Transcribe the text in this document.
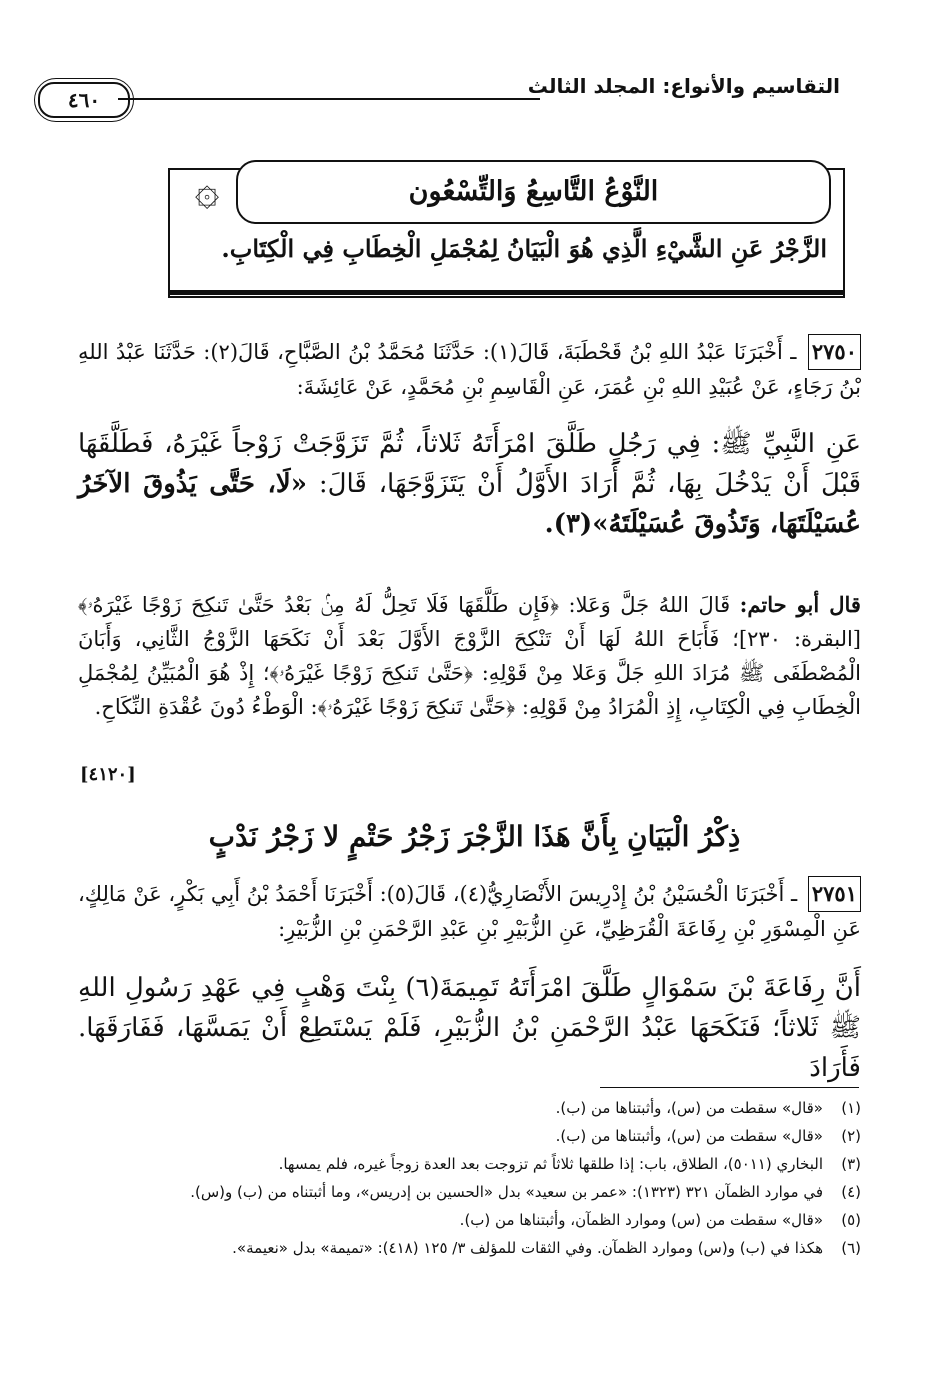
التقاسيم والأنواع: المجلد الثالث
٤٦٠
۞	النَّوْعُ التَّاسِعُ وَالتِّسْعُون
الزَّجْرُ عَنِ الشَّيْءِ الَّذِي هُوَ الْبَيَانُ لِمُجْمَلِ الْخِطَابِ فِي الْكِتَابِ.
٢٧٥٠ ـ أَخْبَرَنَا عَبْدُ اللهِ بْنُ قَحْطَبَةَ، قَالَ(١): حَدَّثَنَا مُحَمَّدُ بْنُ الصَّبَّاحِ، قَالَ(٢): حَدَّثَنَا عَبْدُ اللهِ بْنُ رَجَاءٍ، عَنْ عُبَيْدِ اللهِ بْنِ عُمَرَ، عَنِ الْقَاسِمِ بْنِ مُحَمَّدٍ، عَنْ عَائِشَةَ:
عَنِ النَّبِيِّ ﷺ: فِي رَجُلٍ طَلَّقَ امْرَأَتَهُ ثَلاثاً، ثُمَّ تَزَوَّجَتْ زَوْجاً غَيْرَهُ، فَطَلَّقَهَا قَبْلَ أَنْ يَدْخُلَ بِهَا، ثُمَّ أَرَادَ الأَوَّلُ أَنْ يَتَزَوَّجَهَا، قَالَ: «لَا، حَتَّى يَذُوقَ الآخَرُ عُسَيْلَتَهَا، وَتَذُوقَ عُسَيْلَتَهُ»(٣).
قال أبو حاتم: قَالَ اللهُ جَلَّ وَعَلا: ﴿فَإِن طَلَّقَهَا فَلَا تَحِلُّ لَهُ مِنۢ بَعْدُ حَتَّىٰ تَنكِحَ زَوْجًا غَيْرَهُۥ﴾ [البقرة: ٢٣٠]؛ فَأَبَاحَ اللهُ لَهَا أَنْ تَنْكِحَ الزَّوْجَ الأَوَّلَ بَعْدَ أَنْ نَكَحَهَا الزَّوْجُ الثَّانِي، وَأَبَانَ الْمُصْطَفَى ﷺ مُرَادَ اللهِ جَلَّ وَعَلا مِنْ قَوْلِهِ: ﴿حَتَّىٰ تَنكِحَ زَوْجًا غَيْرَهُۥ﴾؛ إِذْ هُوَ الْمُبَيِّنُ لِمُجْمَلِ الْخِطَابِ فِي الْكِتَابِ، إِذِ الْمُرَادُ مِنْ قَوْلِهِ: ﴿حَتَّىٰ تَنكِحَ زَوْجًا غَيْرَهُۥ﴾: الْوَطْءُ دُونَ عُقْدَةِ النِّكَاحِ.
[٤١٢٠]
ذِكْرُ الْبَيَانِ بِأَنَّ هَذَا الزَّجْرَ زَجْرُ حَتْمٍ لا زَجْرُ نَدْبٍ
٢٧٥١ ـ أَخْبَرَنَا الْحُسَيْنُ بْنُ إِدْرِيسَ الأَنْصَارِيُّ(٤)، قَالَ(٥): أَخْبَرَنَا أَحْمَدُ بْنُ أَبِي بَكْرٍ، عَنْ مَالِكٍ، عَنِ الْمِسْوَرِ بْنِ رِفَاعَةَ الْقُرَظِيِّ، عَنِ الزُّبَيْرِ بْنِ عَبْدِ الرَّحْمَنِ بْنِ الزُّبَيْرِ:
أَنَّ رِفَاعَةَ بْنَ سَمْوَالٍ طَلَّقَ امْرَأَتَهُ تَمِيمَةَ(٦) بِنْتَ وَهْبٍ فِي عَهْدِ رَسُولِ اللهِ ﷺ ثَلاثاً؛ فَنَكَحَهَا عَبْدُ الرَّحْمَنِ بْنُ الزُّبَيْرِ، فَلَمْ يَسْتَطِعْ أَنْ يَمَسَّهَا، فَفَارَقَهَا. فَأَرَادَ
(١)
«قال» سقطت من (س)، وأثبتناها من (ب).
(٢)
«قال» سقطت من (س)، وأثبتناها من (ب).
(٣)
البخاري (٥٠١١)، الطلاق، باب: إذا طلقها ثلاثاً ثم تزوجت بعد العدة زوجاً غيره، فلم يمسها.
(٤)
في موارد الظمآن ٣٢١ (١٣٢٣): «عمر بن سعيد» بدل «الحسين بن إدريس»، وما أثبتناه من (ب) و(س).
(٥)
«قال» سقطت من (س) وموارد الظمآن، وأثبتناها من (ب).
(٦)
هكذا في (ب) و(س) وموارد الظمآن. وفي الثقات للمؤلف ٣/ ١٢٥ (٤١٨): «تميمة» بدل «نعيمة».
